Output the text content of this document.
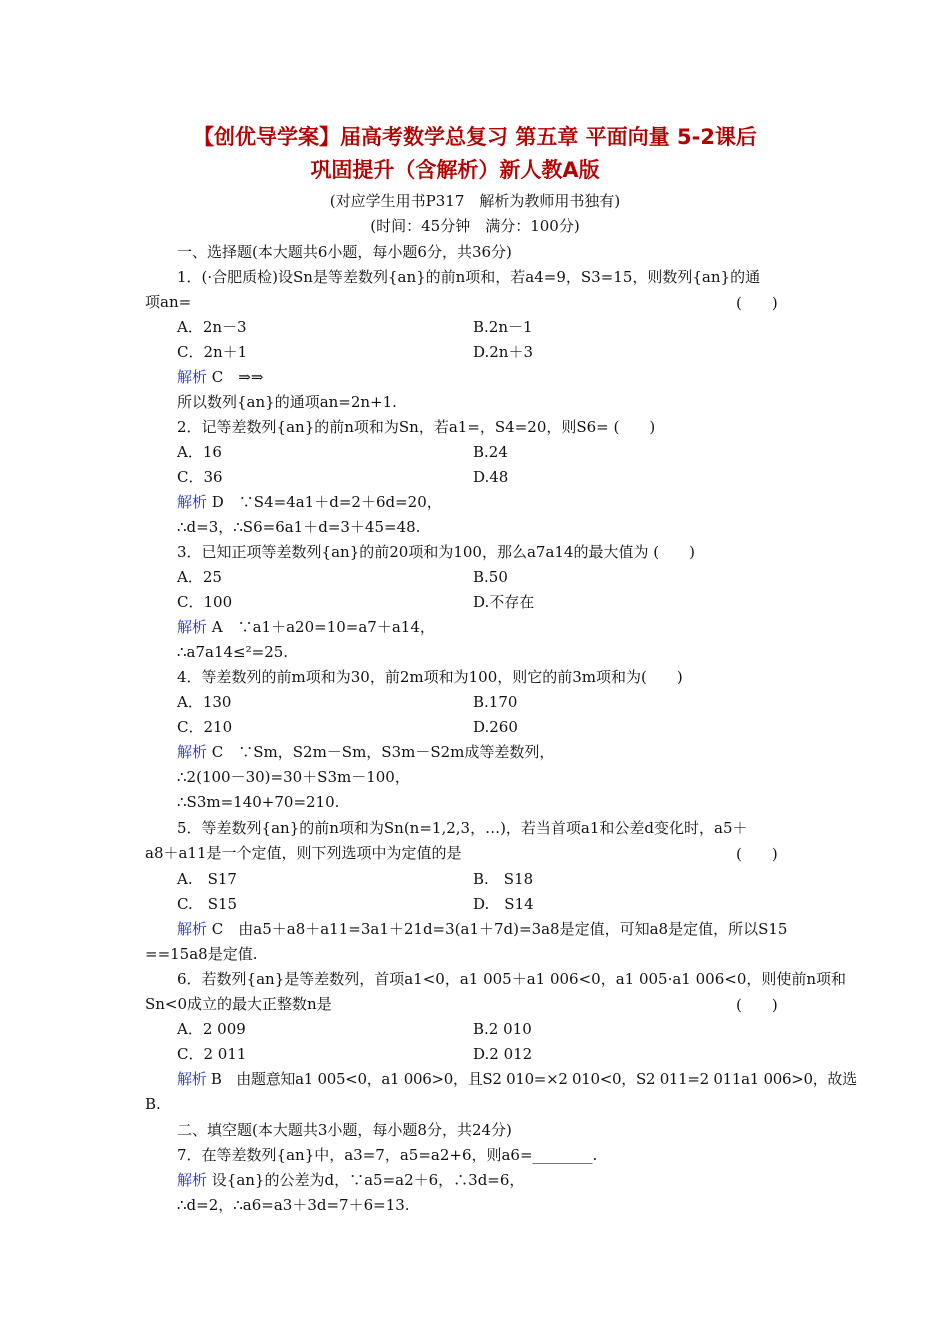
【创优导学案】届高考数学总复习 第五章 平面向量 5-2课后
巩固提升（含解析）新人教A版
(对应学生用书P317　解析为教师用书独有)
(时间：45分钟　满分：100分)
一、选择题(本大题共6小题，每小题6分，共36分)
1．(·合肥质检)设Sn是等差数列{an}的前n项和，若a4=9，S3=15，则数列{an}的通
项an=	(　　)
A．2n－3	B.2n－1
C．2n＋1	D.2n＋3
解析 C　⇒⇒
所以数列{an}的通项an=2n+1.
2．记等差数列{an}的前n项和为Sn，若a1=，S4=20，则S6= (　　)
A．16	B.24
C．36	D.48
解析 D　∵S4=4a1＋d=2＋6d=20，
∴d=3，∴S6=6a1＋d=3＋45=48.
3．已知正项等差数列{an}的前20项和为100，那么a7a14的最大值为 (　　)
A．25	B.50
C．100	D.不存在
解析 A　∵a1＋a20=10=a7＋a14，
∴a7a14≤²=25.
4．等差数列的前m项和为30，前2m项和为100，则它的前3m项和为(　　)
A．130	B.170
C．210	D.260
解析 C　∵Sm，S2m－Sm，S3m－S2m成等差数列，
∴2(100－30)=30＋S3m－100，
∴S3m=140+70=210.
5．等差数列{an}的前n项和为Sn(n=1,2,3，…)，若当首项a1和公差d变化时，a5＋
a8＋a11是一个定值，则下列选项中为定值的是	(　　)
A.　S17	B.　S18
C.　S15	D.　S14
解析 C　由a5＋a8＋a11=3a1＋21d=3(a1＋7d)=3a8是定值，可知a8是定值，所以S15
==15a8是定值.
6．若数列{an}是等差数列，首项a1<0，a1 005＋a1 006<0，a1 005·a1 006<0，则使前n项和
Sn<0成立的最大正整数n是	(　　)
A．2 009	B.2 010
C．2 011	D.2 012
解析 B　由题意知a1 005<0，a1 006>0，且S2 010=×2 010<0，S2 011=2 011a1 006>0，故选
B.
二、填空题(本大题共3小题，每小题8分，共24分)
7．在等差数列{an}中，a3=7，a5=a2+6，则a6=________.
解析 设{an}的公差为d，∵a5=a2＋6，∴3d=6，
∴d=2，∴a6=a3＋3d=7＋6=13.
